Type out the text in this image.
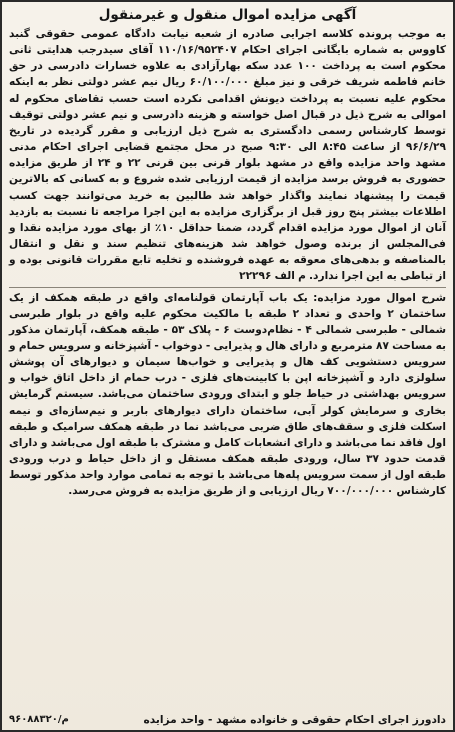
آگهی مزایده اموال منقول و غیرمنقول

به موجب پرونده کلاسه اجرایی صادره از شعبه نیابت دادگاه عمومی حقوقی گنبد کاووس به شماره بایگانی اجرای احکام ۱۱۰/۱۶/۹۵۲۴۰۷ آقای سیدرجب هدایتی ثانی محکوم است به پرداخت ۱۰۰ عدد سکه بهارآزادی به علاوه خسارات دادرسی در حق خانم فاطمه شریف خرقی و نیز مبلغ ۶۰/۱۰۰/۰۰۰ ریال نیم عشر دولتی نظر به اینکه محکوم علیه نسبت به پرداخت دیونش اقدامی نکرده است حسب تقاضای محکوم له اموالی به شرح ذیل در قبال اصل خواسته و هزینه دادرسی و نیم عشر دولتی توقیف توسط کارشناس رسمی دادگستری به شرح ذیل ارزیابی و مقرر گردیده در تاریخ ۹۶/۶/۲۹ از ساعت ۸:۴۵ الی ۹:۳۰ صبح در محل مجتمع قضایی اجرای احکام مدنی مشهد واحد مزایده واقع در مشهد بلوار قرنی بین قرنی ۲۲ و ۲۴ از طریق مزایده حضوری به فروش برسد مزایده از قیمت ارزیابی شده شروع و به کسانی که بالاترین قیمت را پیشنهاد نمایند واگذار خواهد شد طالبین به خرید می‌توانند جهت کسب اطلاعات بیشتر پنج روز قبل از برگزاری مزایده به این اجرا مراجعه تا نسبت به بازدید آنان از اموال مورد مزایده اقدام گردد، ضمنا حداقل ۱۰٪ از بهای مورد مزایده نقدا و فی‌المجلس از برنده وصول خواهد شد هزینه‌های تنظیم سند و نقل و انتقال بالمناصفه و بدهی‌های معوقه به عهده فروشنده و تخلیه تابع مقررات قانونی بوده و از تباطی به این اجرا ندارد. م الف ۲۲۲۹۶

شرح اموال مورد مزایده: یک باب آپارتمان قولنامه‌ای واقع در طبقه همکف از یک ساختمان ۲ واحدی و تعداد ۲ طبقه با مالکیت محکوم علیه واقع در بلوار طبرسی شمالی - طبرسی شمالی ۴ - نظام‌دوست ۶ - پلاک ۵۳ - طبقه همکف، آپارتمان مذکور به مساحت ۸۷ مترمربع و دارای هال و پذیرایی - دوخواب - آشپزخانه و سرویس حمام و سرویس دستشویی کف هال و پذیرایی و خواب‌ها سیمان و دیوارهای آن پوشش سلولزی دارد و آشپزخانه اپن با کابینت‌های فلزی - درب حمام از داخل اتاق خواب و سرویس بهداشتی در حیاط جلو و ابتدای ورودی ساختمان می‌باشد. سیستم گرمایش بخاری و سرمایش کولر آبی، ساختمان دارای دیوارهای باربر و نیم‌سازه‌ای و نیمه اسکلت فلزی و سقف‌های طاق ضربی می‌باشد نما در طبقه همکف سرامیک و طبقه اول فاقد نما می‌باشد و دارای انشعابات کامل و مشترک با طبقه اول می‌باشد و دارای قدمت حدود ۳۷ سال، ورودی طبقه همکف مستقل و از داخل حیاط و درب ورودی طبقه اول از سمت سرویس پله‌ها می‌باشد با توجه به تمامی موارد واحد مذکور توسط کارشناس ۷۰۰/۰۰۰/۰۰۰ ریال ارزیابی و از طریق مزایده به فروش می‌رسد.

دادورز اجرای احکام حقوقی و خانواده مشهد - واحد مزایده
۹۶۰۸۸۳۲۰/م
